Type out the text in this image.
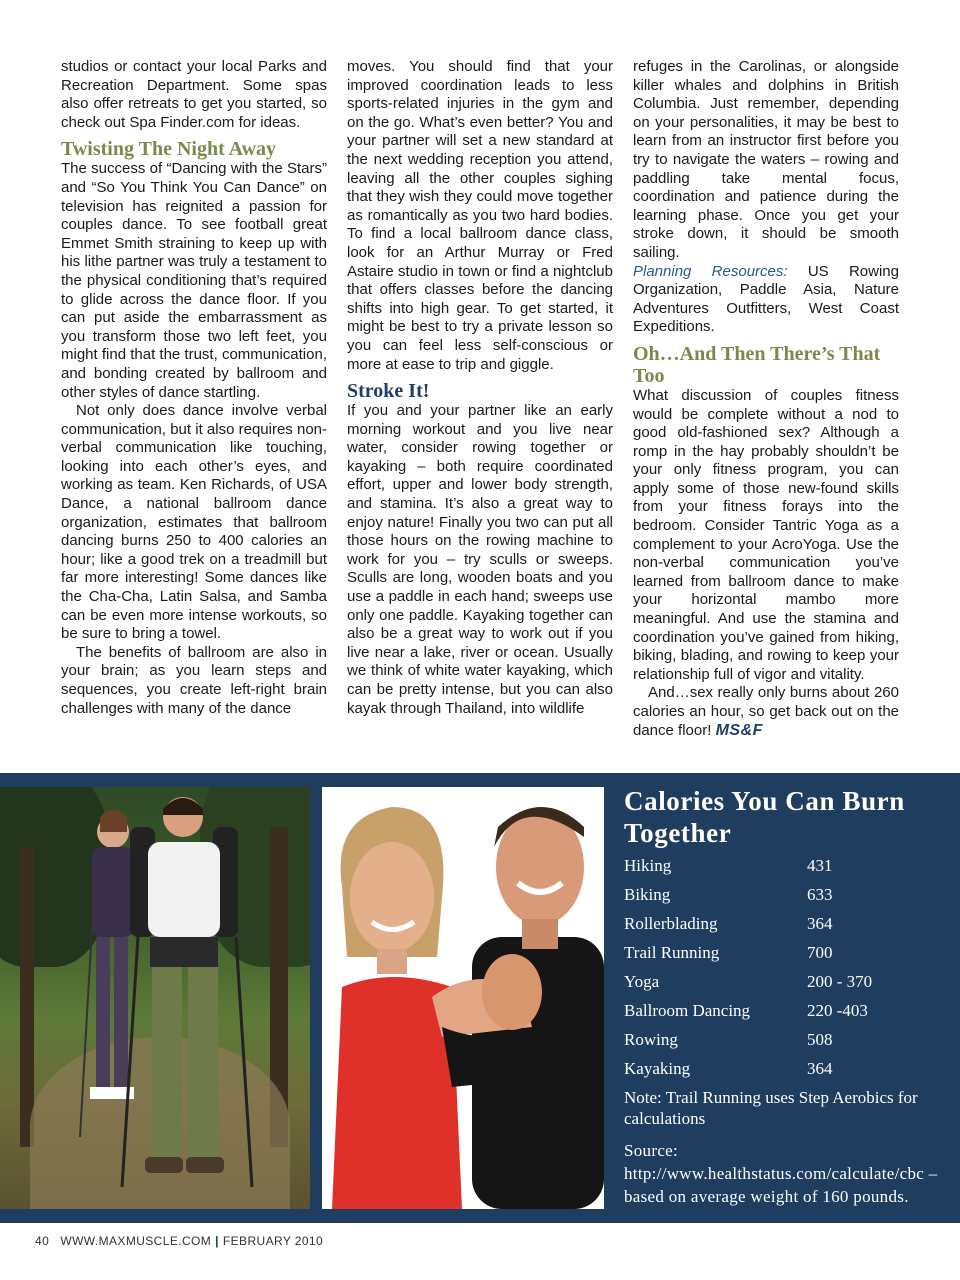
studios or contact your local Parks and Recreation Department. Some spas also offer retreats to get you started, so check out Spa Finder.com for ideas.

Twisting The Night Away

The success of “Dancing with the Stars” and “So You Think You Can Dance” on television has reignited a passion for couples dance. To see football great Emmet Smith straining to keep up with his lithe partner was truly a testament to the physical conditioning that’s required to glide across the dance floor. If you can put aside the embarrassment as you transform those two left feet, you might find that the trust, communication, and bonding created by ballroom and other styles of dance startling.

Not only does dance involve verbal communication, but it also requires non-verbal communication like touching, looking into each other’s eyes, and working as team. Ken Richards, of USA Dance, a national ballroom dance organization, estimates that ballroom dancing burns 250 to 400 calories an hour; like a good trek on a treadmill but far more interesting! Some dances like the Cha-Cha, Latin Salsa, and Samba can be even more intense workouts, so be sure to bring a towel.

The benefits of ballroom are also in your brain; as you learn steps and sequences, you create left-right brain challenges with many of the dance

moves. You should find that your improved coordination leads to less sports-related injuries in the gym and on the go. What’s even better? You and your partner will set a new standard at the next wedding reception you attend, leaving all the other couples sighing that they wish they could move together as romantically as you two hard bodies. To find a local ballroom dance class, look for an Arthur Murray or Fred Astaire studio in town or find a nightclub that offers classes before the dancing shifts into high gear. To get started, it might be best to try a private lesson so you can feel less self-conscious or more at ease to trip and giggle.

Stroke It!

If you and your partner like an early morning workout and you live near water, consider rowing together or kayaking – both require coordinated effort, upper and lower body strength, and stamina. It’s also a great way to enjoy nature! Finally you two can put all those hours on the rowing machine to work for you – try sculls or sweeps. Sculls are long, wooden boats and you use a paddle in each hand; sweeps use only one paddle. Kayaking together can also be a great way to work out if you live near a lake, river or ocean. Usually we think of white water kayaking, which can be pretty intense, but you can also kayak through Thailand, into wildlife

refuges in the Carolinas, or alongside killer whales and dolphins in British Columbia. Just remember, depending on your personalities, it may be best to learn from an instructor first before you try to navigate the waters – rowing and paddling take mental focus, coordination and patience during the learning phase. Once you get your stroke down, it should be smooth sailing.

Planning Resources: US Rowing Organization, Paddle Asia, Nature Adventures Outfitters, West Coast Expeditions.

Oh…And Then There’s That Too

What discussion of couples fitness would be complete without a nod to good old-fashioned sex? Although a romp in the hay probably shouldn’t be your only fitness program, you can apply some of those new-found skills from your fitness forays into the bedroom. Consider Tantric Yoga as a complement to your AcroYoga. Use the non-verbal communication you’ve learned from ballroom dance to make your horizontal mambo more meaningful. And use the stamina and coordination you’ve gained from hiking, biking, blading, and rowing to keep your relationship full of vigor and vitality.

And…sex really only burns about 260 calories an hour, so get back out on the dance floor! MS&F

Calories You Can Burn Together
Hiking	431
Biking	633
Rollerblading	364
Trail Running	700
Yoga	200 - 370
Ballroom Dancing	220 -403
Rowing	508
Kayaking	364
Note: Trail Running uses Step Aerobics for calculations
Source: http://www.healthstatus.com/calculate/cbc – based on average weight of 160 pounds.
40 WWW.MAXMUSCLE.COM | FEBRUARY 2010
